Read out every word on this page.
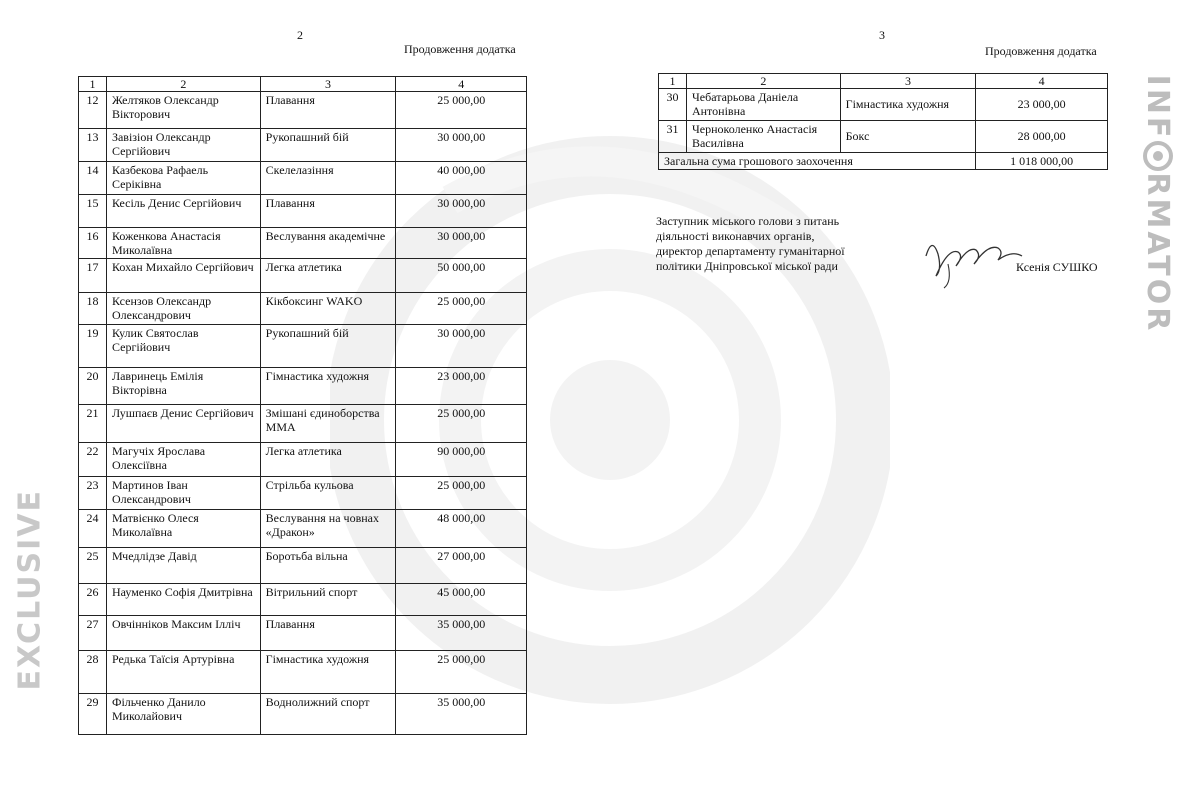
EXCLUSIVE
INF
RMATOR
2
Продовження додатка
1	2	3	4
12	Желтяков Олександр Вікторович	Плавання	25 000,00
13	Завізіон Олександр Сергійович	Рукопашний бій	30 000,00
14	Казбекова Рафаель Серіківна	Скелелазіння	40 000,00
15	Кесіль Денис Сергійович	Плавання	30 000,00
16	Коженкова Анастасія Миколаївна	Веслування академічне	30 000,00
17	Кохан Михайло Сергійович	Легка атлетика	50 000,00
18	Ксензов Олександр Олександрович	Кікбоксинг WAKO	25 000,00
19	Кулик Святослав Сергійович	Рукопашний бій	30 000,00
20	Лавринець Емілія Вікторівна	Гімнастика художня	23 000,00
21	Лушпаєв Денис Сергійович	Змішані єдиноборства ММА	25 000,00
22	Магучіх Ярослава Олексіївна	Легка атлетика	90 000,00
23	Мартинов Іван Олександрович	Стрільба кульова	25 000,00
24	Матвієнко Олеся Миколаївна	Веслування на човнах «Дракон»	48 000,00
25	Мчедлідзе Давід	Боротьба вільна	27 000,00
26	Науменко Софія Дмитрівна	Вітрильний спорт	45 000,00
27	Овчінніков Максим Ілліч	Плавання	35 000,00
28	Редька Таїсія Артурівна	Гімнастика художня	25 000,00
29	Фільченко Данило Миколайович	Воднолижний спорт	35 000,00
3
Продовження додатка
1	2	3	4
30	Чебатарьова Даніела Антонівна	Гімнастика художня	23 000,00
31	Черноколенко Анастасія Василівна	Бокс	28 000,00
Загальна сума грошового заохочення			1 018 000,00
Заступник міського голови з питань
діяльності виконавчих органів,
директор департаменту гуманітарної
політики Дніпровської міської ради	Ксенія СУШКО
